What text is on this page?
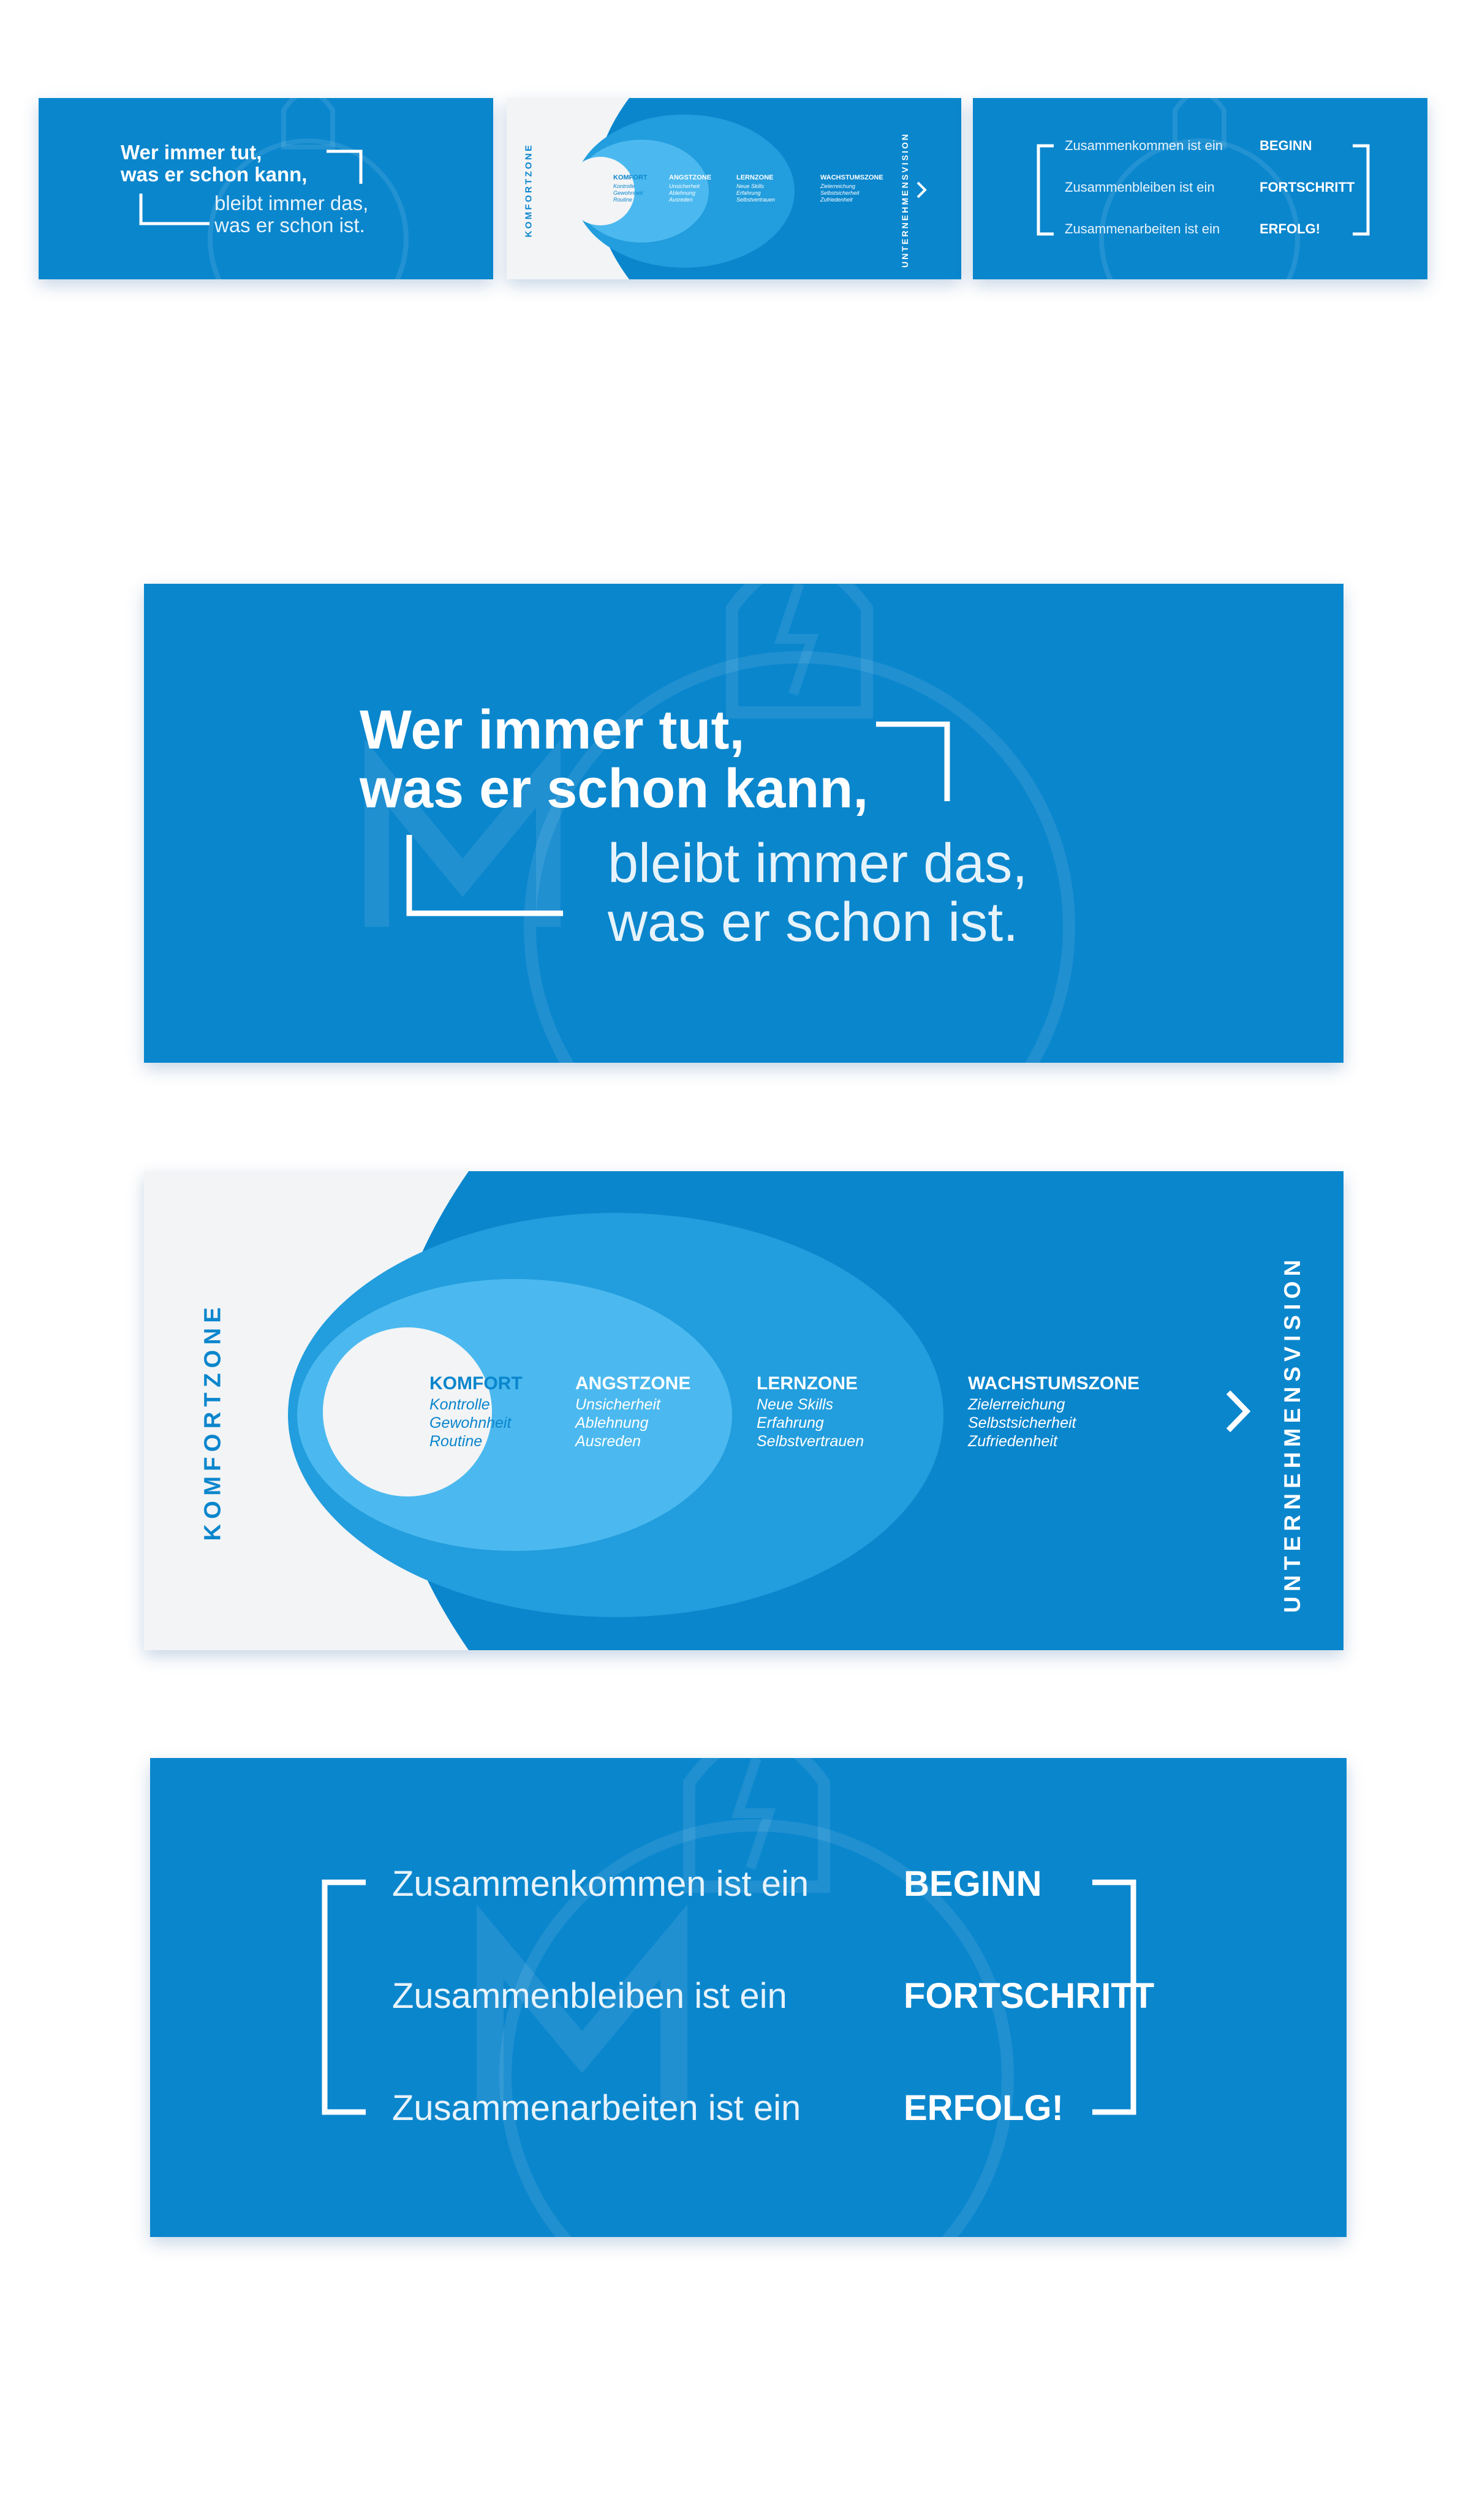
Wer immer tut,
was er schon kann,
bleibt immer das,
was er schon ist.	KOMFORTZONE	UNTERNEHMENSVISION
KOMFORT
Kontrolle
Gewohnheit
Routine
ANGSTZONE
Unsicherheit
Ablehnung
Ausreden
LERNZONE
Neue Skills
Erfahrung
Selbstvertrauen
WACHSTUMSZONE
Zielerreichung
Selbstsicherheit
Zufriedenheit
Zusammenkommen ist ein	BEGINN
Zusammenbleiben ist ein	FORTSCHRITT
Zusammenarbeiten ist ein	ERFOLG!
Wer immer tut,
was er schon kann,
bleibt immer das,
was er schon ist.
KOMFORTZONE	UNTERNEHMENSVISION
KOMFORT
Kontrolle
Gewohnheit
Routine
ANGSTZONE
Unsicherheit
Ablehnung
Ausreden
LERNZONE
Neue Skills
Erfahrung
Selbstvertrauen
WACHSTUMSZONE
Zielerreichung
Selbstsicherheit
Zufriedenheit
Zusammenkommen ist ein	BEGINN
Zusammenbleiben ist ein	FORTSCHRITT
Zusammenarbeiten ist ein	ERFOLG!
